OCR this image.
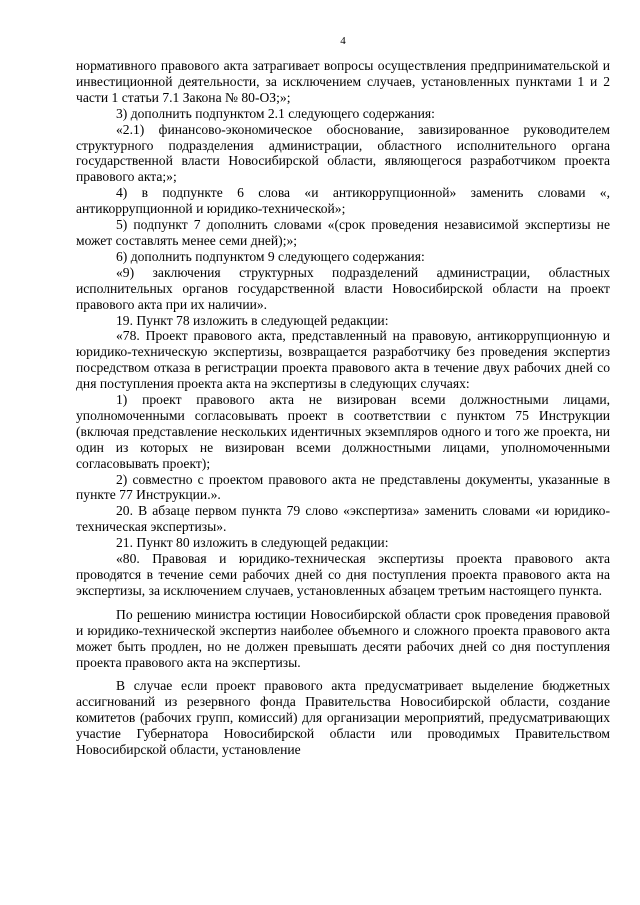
4

нормативного правового акта затрагивает вопросы осуществления предпринимательской и инвестиционной деятельности, за исключением случаев, установленных пунктами 1 и 2 части 1 статьи 7.1 Закона № 80-ОЗ;»;

3) дополнить подпунктом 2.1 следующего содержания:

«2.1) финансово-экономическое обоснование, завизированное руководителем структурного подразделения администрации, областного исполнительного органа государственной власти Новосибирской области, являющегося разработчиком проекта правового акта;»;

4) в подпункте 6 слова «и антикоррупционной» заменить словами «, антикоррупционной и юридико-технической»;

5) подпункт 7 дополнить словами «(срок проведения независимой экспертизы не может составлять менее семи дней);»;

6) дополнить подпунктом 9 следующего содержания:

«9) заключения структурных подразделений администрации, областных исполнительных органов государственной власти Новосибирской области на проект правового акта при их наличии».

19. Пункт 78 изложить в следующей редакции:

«78. Проект правового акта, представленный на правовую, антикоррупционную и юридико-техническую экспертизы, возвращается разработчику без проведения экспертиз посредством отказа в регистрации проекта правового акта в течение двух рабочих дней со дня поступления проекта акта на экспертизы в следующих случаях:

1) проект правового акта не визирован всеми должностными лицами, уполномоченными согласовывать проект в соответствии с пунктом 75 Инструкции (включая представление нескольких идентичных экземпляров одного и того же проекта, ни один из которых не визирован всеми должностными лицами, уполномоченными согласовывать проект);

2) совместно с проектом правового акта не представлены документы, указанные в пункте 77 Инструкции.».

20. В абзаце первом пункта 79 слово «экспертиза» заменить словами «и юридико-техническая экспертизы».

21. Пункт 80 изложить в следующей редакции:

«80. Правовая и юридико-техническая экспертизы проекта правового акта проводятся в течение семи рабочих дней со дня поступления проекта правового акта на экспертизы, за исключением случаев, установленных абзацем третьим настоящего пункта.

По решению министра юстиции Новосибирской области срок проведения правовой и юридико-технической экспертиз наиболее объемного и сложного проекта правового акта может быть продлен, но не должен превышать десяти рабочих дней со дня поступления проекта правового акта на экспертизы.

В случае если проект правового акта предусматривает выделение бюджетных ассигнований из резервного фонда Правительства Новосибирской области, создание комитетов (рабочих групп, комиссий) для организации мероприятий, предусматривающих участие Губернатора Новосибирской области или проводимых Правительством Новосибирской области, установление
